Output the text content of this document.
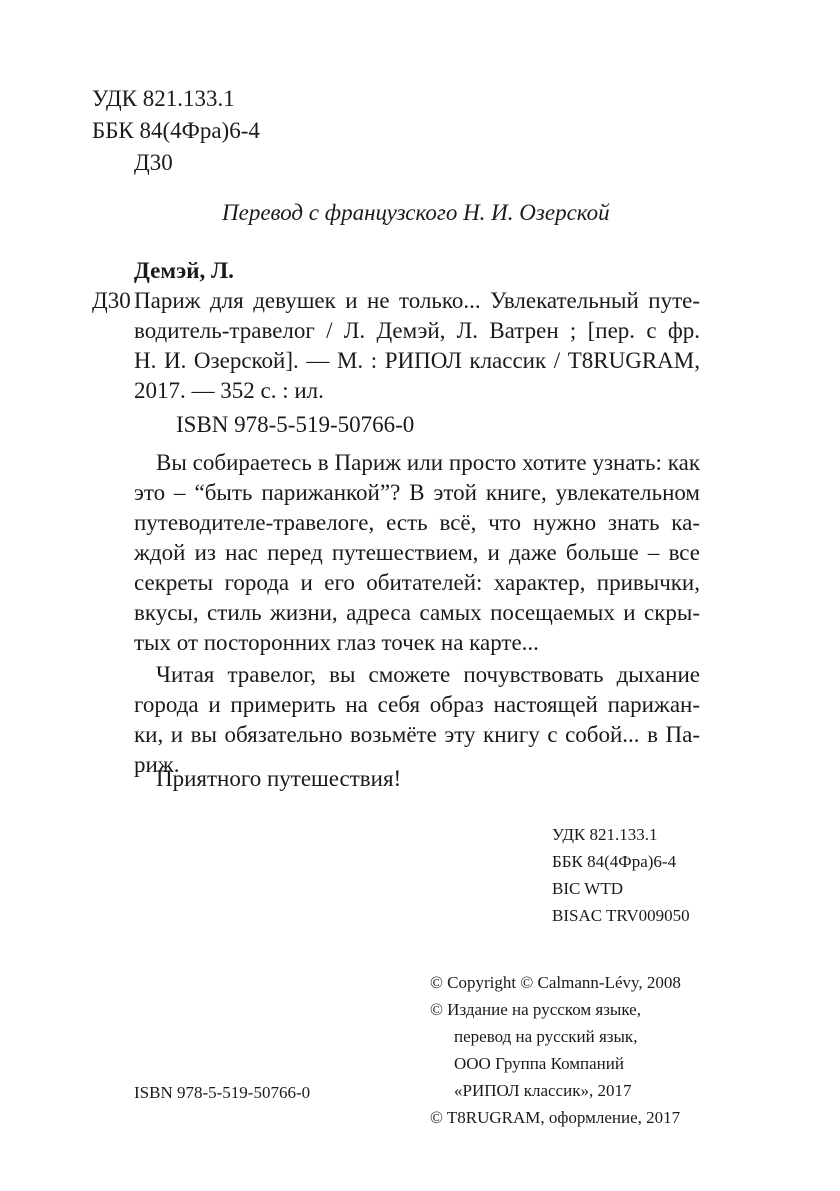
УДК 821.133.1
ББК 84(4Фра)6-4
Д30
Перевод с французского Н. И. Озерской
Демэй, Л.
Д30 Париж для девушек и не только... Увлекательный путе-
водитель-травелог / Л. Демэй, Л. Ватрен ; [пер. с фр.
Н. И. Озерской]. — М. : РИПОЛ классик / T8RUGRAM,
2017. — 352 с. : ил.
ISBN 978-5-519-50766-0
Вы собираетесь в Париж или просто хотите узнать: как
это – “быть парижанкой”? В этой книге, увлекательном
путеводителе-травелоге, есть всё, что нужно знать ка-
ждой из нас перед путешествием, и даже больше – все
секреты города и его обитателей: характер, привычки,
вкусы, стиль жизни, адреса самых посещаемых и скры-
тых от посторонних глаз точек на карте...
Читая травелог, вы сможете почувствовать дыхание
города и примерить на себя образ настоящей парижан-
ки, и вы обязательно возьмёте эту книгу с собой... в Па-
риж.
Приятного путешествия!
УДК 821.133.1
ББК 84(4Фра)6-4
BIC WTD
BISAC TRV009050
© Copyright © Calmann-Lévy, 2008
© Издание на русском языке,
перевод на русский язык,
ООО Группа Компаний
«РИПОЛ классик», 2017
© T8RUGRAM, оформление, 2017
ISBN 978-5-519-50766-0
